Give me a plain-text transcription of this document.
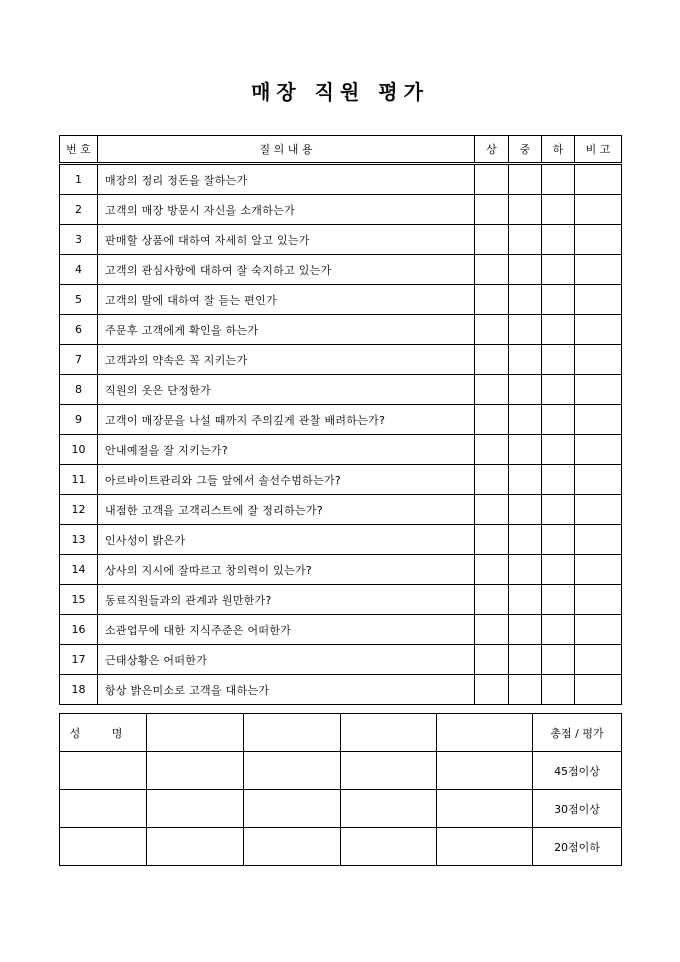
매장 직원 평가
번 호	질 의 내 용	상	중	하	비 고
1	매장의 정리 정돈을 잘하는가				
2	고객의 매장 방문시 자신을 소개하는가				
3	판매할 상품에 대하여 자세히 알고 있는가				
4	고객의 관심사항에 대하여 잘 숙지하고 있는가				
5	고객의 말에 대하여 잘 듣는 편인가				
6	주문후 고객에게 확인을 하는가				
7	고객과의 약속은 꼭 지키는가				
8	직원의 옷은 단정한가				
9	고객이 매장문을 나설 때까지 주의깊게 관찰 배려하는가?				
10	안내예절을 잘 지키는가?				
11	아르바이트관리와 그들 앞에서 솔선수범하는가?				
12	내점한 고객을 고객리스트에 잘 정리하는가?				
13	인사성이 밝은가				
14	상사의 지시에 잘따르고 창의력이 있는가?				
15	동료직원들과의 관계과 원만한가?				
16	소관업무에 대한 지식주준은 어떠한가				
17	근태상황은 어떠한가				
18	항상 밝은미소로 고객을 대하는가				
성 명					총점 / 평가
					45점이상
					30점이상
					20점이하
